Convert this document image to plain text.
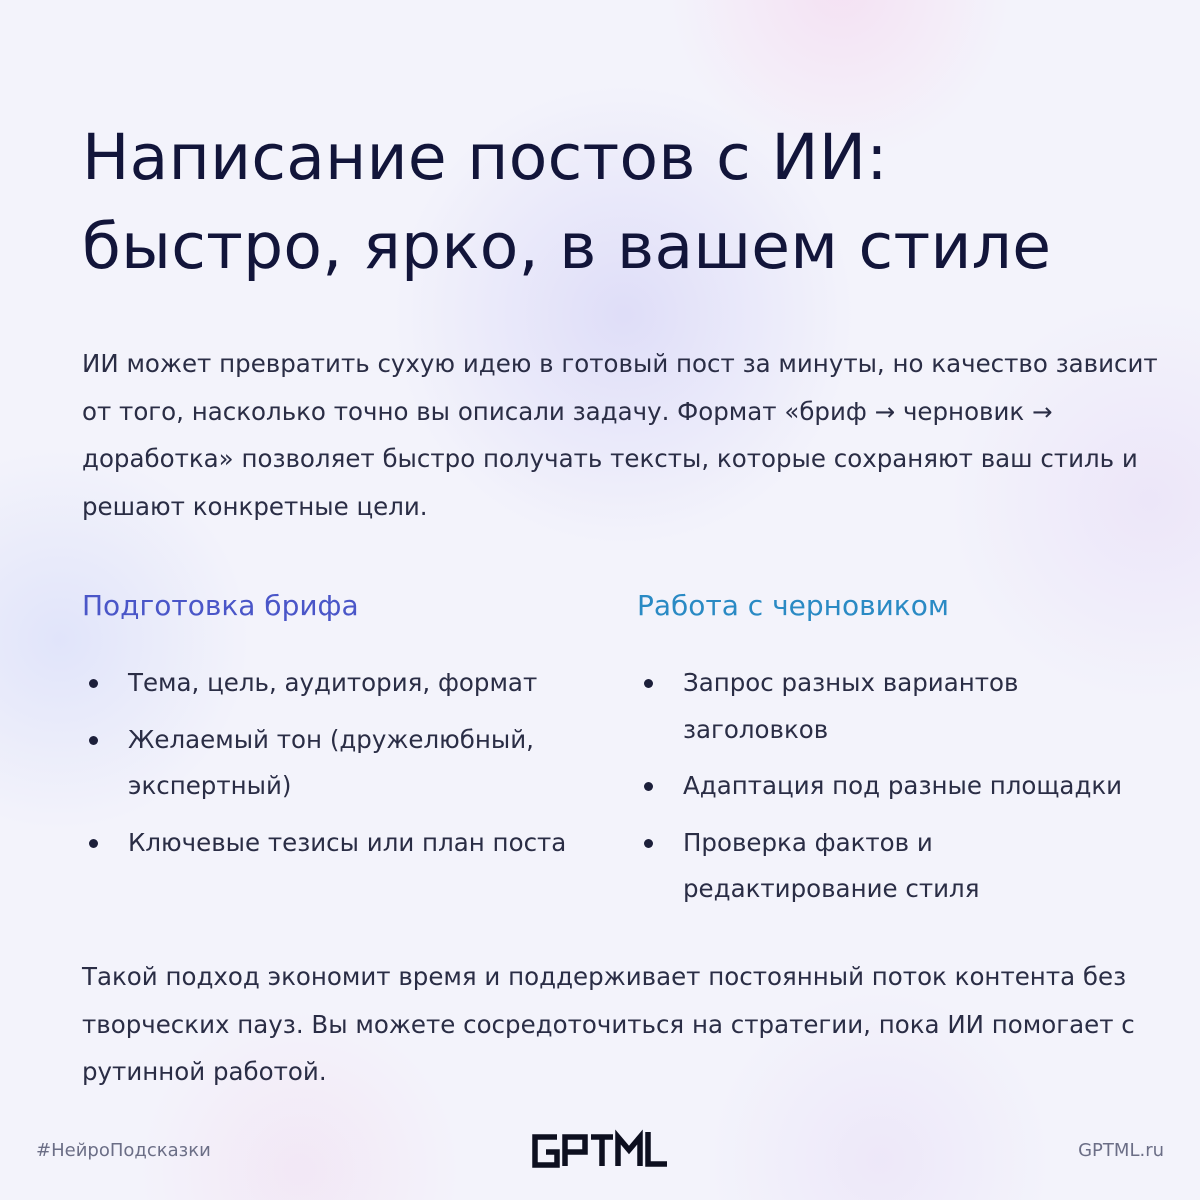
Написание постов с ИИ:
быстро, ярко, в вашем стиле

ИИ может превратить сухую идею в готовый пост за минуты, но качество зависит
от того, насколько точно вы описали задачу. Формат «бриф → черновик →
доработка» позволяет быстро получать тексты, которые сохраняют ваш стиль и
решают конкретные цели.

Подготовка брифа
Тема, цель, аудитория, формат
Желаемый тон (дружелюбный,
экспертный)
Ключевые тезисы или план поста
Работа с черновиком
Запрос разных вариантов
заголовков
Адаптация под разные площадки
Проверка фактов и
редактирование стиля

Такой подход экономит время и поддерживает постоянный поток контента без
творческих пауз. Вы можете сосредоточиться на стратегии, пока ИИ помогает с
рутинной работой.

#НейроПодсказки	GPTML.ru
